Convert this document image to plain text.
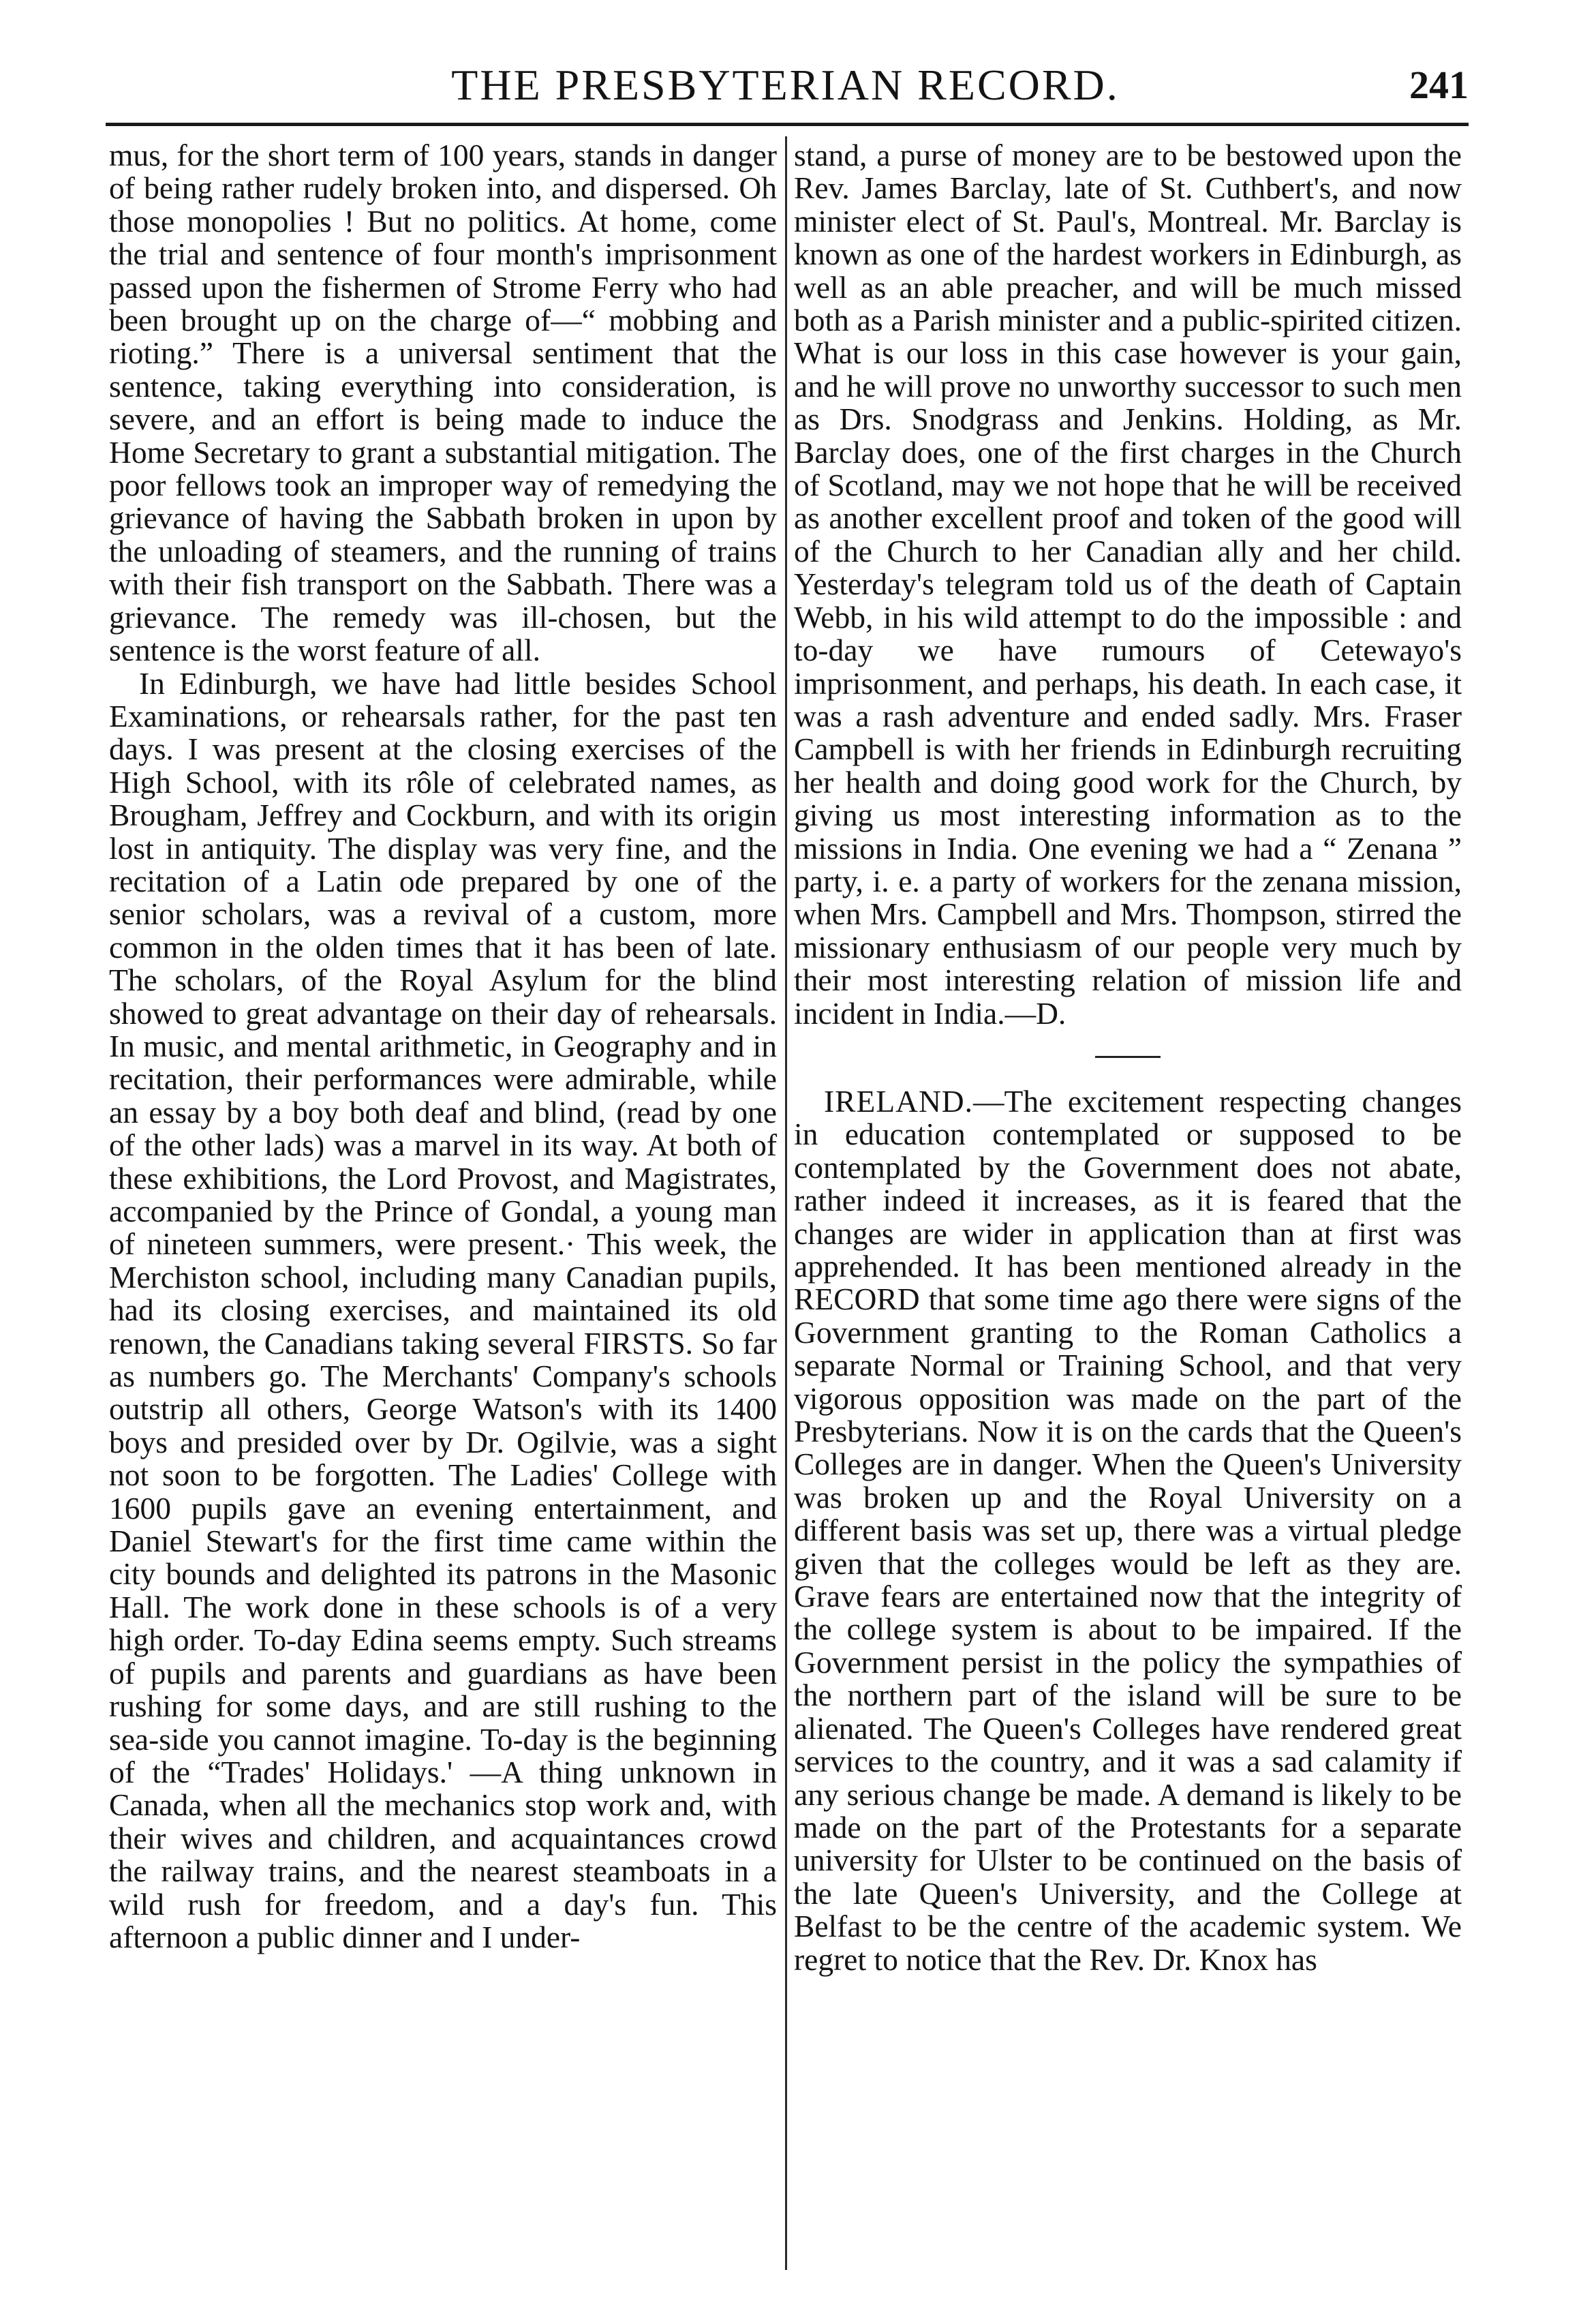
THE PRESBYTERIAN RECORD.	241

mus, for the short term of 100 years, stands in danger of being rather rudely broken into, and dispersed. Oh those monopolies ! But no politics. At home, come the trial and sentence of four month's imprisonment passed upon the fishermen of Strome Ferry who had been brought up on the charge of—“ mobbing and rioting.” There is a universal sentiment that the sentence, taking everything into consideration, is severe, and an effort is being made to induce the Home Secretary to grant a substantial mitigation. The poor fellows took an improper way of remedying the grievance of having the Sabbath broken in upon by the unloading of steamers, and the running of trains with their fish transport on the Sabbath. There was a grievance. The remedy was ill-chosen, but the sentence is the worst feature of all.

In Edinburgh, we have had little besides School Examinations, or rehearsals rather, for the past ten days. I was present at the closing exercises of the High School, with its rôle of celebrated names, as Brougham, Jeffrey and Cockburn, and with its origin lost in antiquity. The display was very fine, and the recitation of a Latin ode prepared by one of the senior scholars, was a revival of a custom, more common in the olden times that it has been of late. The scholars, of the Royal Asylum for the blind showed to great advantage on their day of rehearsals. In music, and mental arithmetic, in Geography and in recitation, their performances were admirable, while an essay by a boy both deaf and blind, (read by one of the other lads) was a marvel in its way. At both of these exhibitions, the Lord Provost, and Magistrates, accompanied by the Prince of Gondal, a young man of nineteen summers, were present.· This week, the Merchiston school, including many Canadian pupils, had its closing exercises, and maintained its old renown, the Canadians taking several FIRSTS. So far as numbers go. The Merchants' Company's schools outstrip all others, George Watson's with its 1400 boys and presided over by Dr. Ogilvie, was a sight not soon to be forgotten. The Ladies' College with 1600 pupils gave an evening entertainment, and Daniel Stewart's for the first time came within the city bounds and delighted its patrons in the Masonic Hall. The work done in these schools is of a very high order. To-day Edina seems empty. Such streams of pupils and parents and guardians as have been rushing for some days, and are still rushing to the sea-side you cannot imagine. To-day is the beginning of the “Trades' Holidays.' —A thing unknown in Canada, when all the mechanics stop work and, with their wives and children, and acquaintances crowd the railway trains, and the nearest steamboats in a wild rush for freedom, and a day's fun. This afternoon a public dinner and I under-

stand, a purse of money are to be bestowed upon the Rev. James Barclay, late of St. Cuthbert's, and now minister elect of St. Paul's, Montreal. Mr. Barclay is known as one of the hardest workers in Edinburgh, as well as an able preacher, and will be much missed both as a Parish minister and a public-spirited citizen. What is our loss in this case however is your gain, and he will prove no unworthy successor to such men as Drs. Snodgrass and Jenkins. Holding, as Mr. Barclay does, one of the first charges in the Church of Scotland, may we not hope that he will be received as another excellent proof and token of the good will of the Church to her Canadian ally and her child. Yesterday's telegram told us of the death of Captain Webb, in his wild attempt to do the impossible : and to-day we have rumours of Cetewayo's imprisonment, and perhaps, his death. In each case, it was a rash adventure and ended sadly. Mrs. Fraser Campbell is with her friends in Edinburgh recruiting her health and doing good work for the Church, by giving us most interesting information as to the missions in India. One evening we had a “ Zenana ” party, i. e. a party of workers for the zenana mission, when Mrs. Campbell and Mrs. Thompson, stirred the missionary enthusiasm of our people very much by their most interesting relation of mission life and incident in India.—D.

IRELAND.—The excitement respecting changes in education contemplated or supposed to be contemplated by the Government does not abate, rather indeed it increases, as it is feared that the changes are wider in application than at first was apprehended. It has been mentioned already in the RECORD that some time ago there were signs of the Government granting to the Roman Catholics a separate Normal or Training School, and that very vigorous opposition was made on the part of the Presbyterians. Now it is on the cards that the Queen's Colleges are in danger. When the Queen's University was broken up and the Royal University on a different basis was set up, there was a virtual pledge given that the colleges would be left as they are. Grave fears are entertained now that the integrity of the college system is about to be impaired. If the Government persist in the policy the sympathies of the northern part of the island will be sure to be alienated. The Queen's Colleges have rendered great services to the country, and it was a sad calamity if any serious change be made. A demand is likely to be made on the part of the Protestants for a separate university for Ulster to be continued on the basis of the late Queen's University, and the College at Belfast to be the centre of the academic system. We regret to notice that the Rev. Dr. Knox has
